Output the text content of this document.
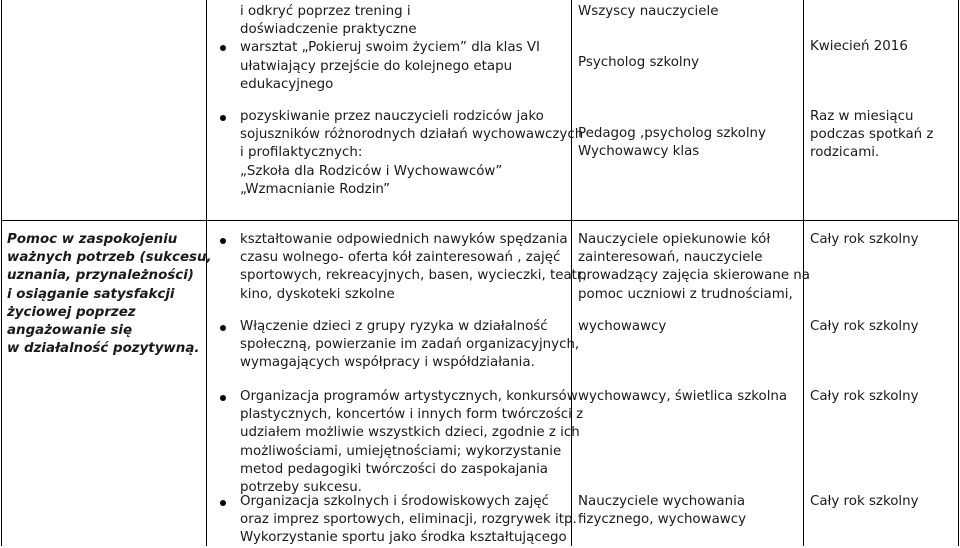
i odkryć poprzez trening i
doświadczenie praktyczne
warsztat „Pokieruj swoim życiem” dla klas VI
ułatwiający przejście do kolejnego etapu
edukacyjnego
Wszyscy nauczyciele
Psycholog szkolny
Kwiecień 2016
pozyskiwanie przez nauczycieli rodziców jako
sojuszników różnorodnych działań wychowawczych
i profilaktycznych:
„Szkoła dla Rodziców i Wychowawców”
„Wzmacnianie Rodzin”
Pedagog ,psycholog szkolny
Wychowawcy klas
Raz w miesiącu
podczas spotkań z
rodzicami.
Pomoc w zaspokojeniu
ważnych potrzeb (sukcesu,
uznania, przynależności)
i osiąganie satysfakcji
życiowej poprzez
angażowanie się
w działalność pozytywną.
kształtowanie odpowiednich nawyków spędzania
czasu wolnego- oferta kół zainteresowań , zajęć
sportowych, rekreacyjnych, basen, wycieczki, teatr,
kino, dyskoteki szkolne
Włączenie dzieci z grupy ryzyka w działalność
społeczną, powierzanie im zadań organizacyjnych,
wymagających współpracy i współdziałania.
Nauczyciele opiekunowie kół
zainteresowań, nauczyciele
prowadzący zajęcia skierowane na
pomoc uczniowi z trudnościami,
wychowawcy
Cały rok szkolny
Cały rok szkolny
Organizacja programów artystycznych, konkursów
plastycznych, koncertów i innych form twórczości z
udziałem możliwie wszystkich dzieci, zgodnie z ich
możliwościami, umiejętnościami; wykorzystanie
metod pedagogiki twórczości do zaspokajania
potrzeby sukcesu.
Organizacja szkolnych i środowiskowych zajęć
oraz imprez sportowych, eliminacji, rozgrywek itp.
Wykorzystanie sportu jako środka kształtującego
wychowawcy, świetlica szkolna
Nauczyciele wychowania
fizycznego, wychowawcy
Cały rok szkolny
Cały rok szkolny
